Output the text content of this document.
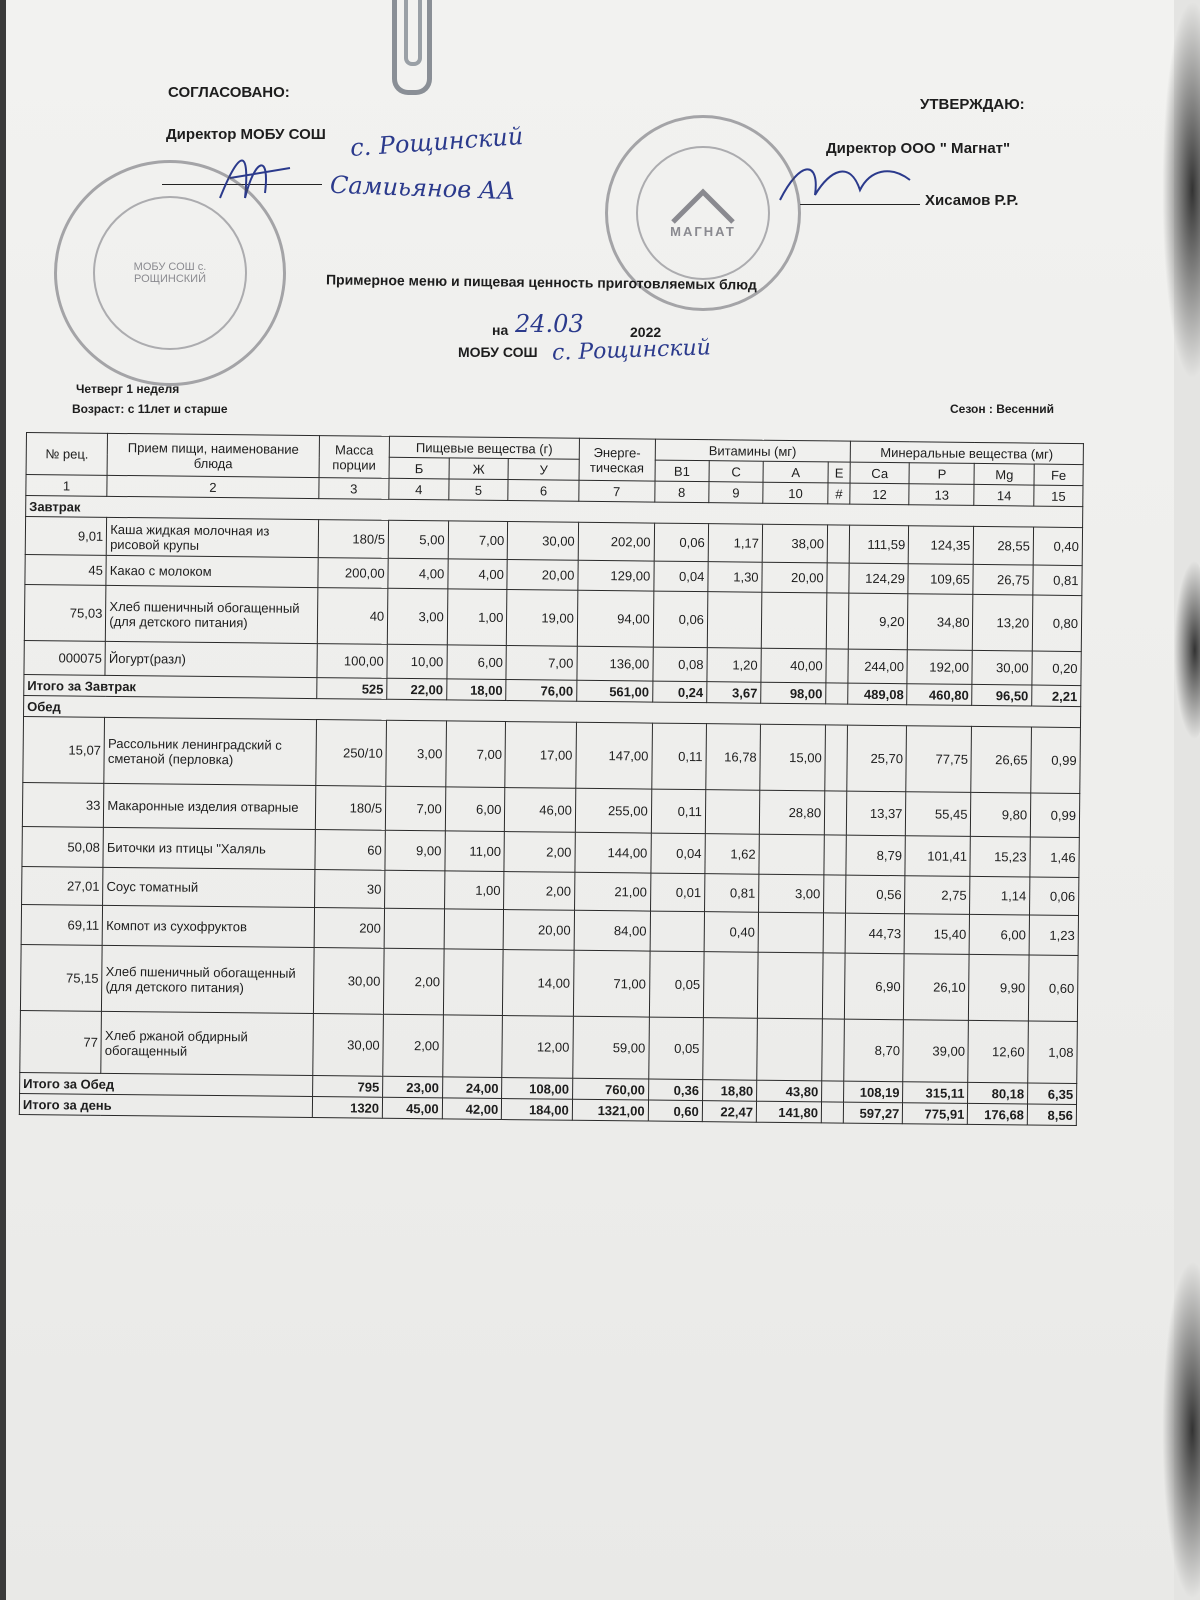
СОГЛАСОВАНО:
Директор МОБУ СОШ с. Рощинский
Самиьянов АА
МОБУ СОШ с. РОЩИНСКИЙ
УТВЕРЖДАЮ:
Директор ООО " Магнат"
Хисамов Р.Р.
МАГНАТ
Примерное меню и пищевая ценность приготовляемых блюд
на 24.03	2022
МОБУ СОШ с. Рощинский
Четверг 1 неделя
Возраст: с 11лет и старше	Сезон : Весенний
№ рец.	Прием пищи, наименование блюда	Масса порции	Пищевые вещества (г)			Энерге-тическая	Витамины (мг)				Минеральные вещества (мг)			
			Б	Ж	У		В1	С	А	Е	Са	Р	Mg	Fe
1	2	3	4	5	6	7	8	9	10	#	12	13	14	15
Завтрак														
9,01	Каша жидкая молочная из рисовой крупы	180/5	5,00	7,00	30,00	202,00	0,06	1,17	38,00		111,59	124,35	28,55	0,40
45	Какао с молоком	200,00	4,00	4,00	20,00	129,00	0,04	1,30	20,00		124,29	109,65	26,75	0,81
75,03	Хлеб пшеничный обогащенный (для детского питания)	40	3,00	1,00	19,00	94,00	0,06				9,20	34,80	13,20	0,80
000075	Йогурт(разл)	100,00	10,00	6,00	7,00	136,00	0,08	1,20	40,00		244,00	192,00	30,00	0,20
Итого за Завтрак		525	22,00	18,00	76,00	561,00	0,24	3,67	98,00		489,08	460,80	96,50	2,21
Обед														
15,07	Рассольник ленинградский с сметаной (перловка)	250/10	3,00	7,00	17,00	147,00	0,11	16,78	15,00		25,70	77,75	26,65	0,99
33	Макаронные изделия отварные	180/5	7,00	6,00	46,00	255,00	0,11		28,80		13,37	55,45	9,80	0,99
50,08	Биточки из птицы "Халяль	60	9,00	11,00	2,00	144,00	0,04	1,62			8,79	101,41	15,23	1,46
27,01	Соус томатный	30		1,00	2,00	21,00	0,01	0,81	3,00		0,56	2,75	1,14	0,06
69,11	Компот из сухофруктов	200			20,00	84,00		0,40			44,73	15,40	6,00	1,23
75,15	Хлеб пшеничный обогащенный (для детского питания)	30,00	2,00		14,00	71,00	0,05				6,90	26,10	9,90	0,60
77	Хлеб ржаной обдирный обогащенный	30,00	2,00		12,00	59,00	0,05				8,70	39,00	12,60	1,08
Итого за Обед		795	23,00	24,00	108,00	760,00	0,36	18,80	43,80		108,19	315,11	80,18	6,35
Итого за день		1320	45,00	42,00	184,00	1321,00	0,60	22,47	141,80		597,27	775,91	176,68	8,56
